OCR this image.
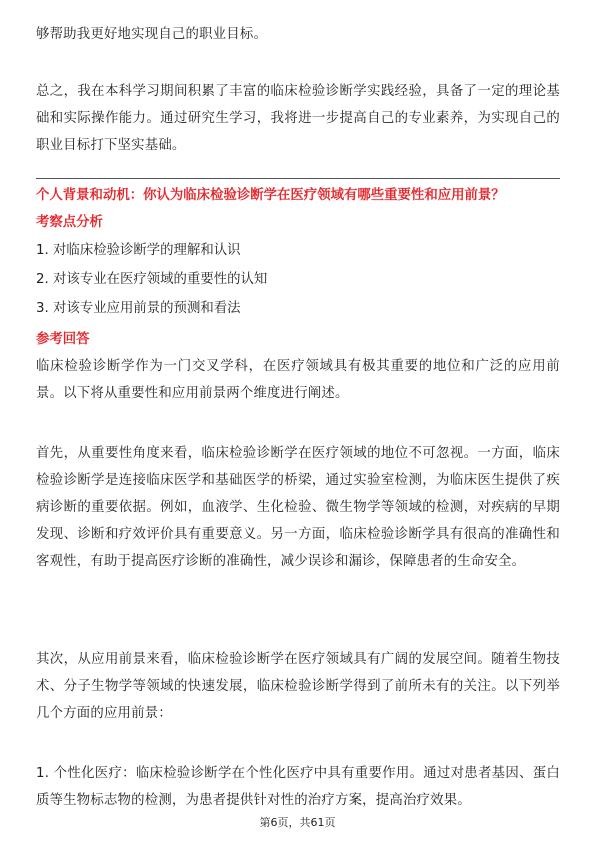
够帮助我更好地实现自己的职业目标。

总之，我在本科学习期间积累了丰富的临床检验诊断学实践经验，具备了一定的理论基础和实际操作能力。通过研究生学习，我将进一步提高自己的专业素养，为实现自己的职业目标打下坚实基础。

个人背景和动机：你认为临床检验诊断学在医疗领域有哪些重要性和应用前景？

考察点分析

1. 对临床检验诊断学的理解和认识

2. 对该专业在医疗领域的重要性的认知

3. 对该专业应用前景的预测和看法

参考回答

临床检验诊断学作为一门交叉学科，在医疗领域具有极其重要的地位和广泛的应用前景。以下将从重要性和应用前景两个维度进行阐述。

首先，从重要性角度来看，临床检验诊断学在医疗领域的地位不可忽视。一方面，临床检验诊断学是连接临床医学和基础医学的桥梁，通过实验室检测，为临床医生提供了疾病诊断的重要依据。例如，血液学、生化检验、微生物学等领域的检测，对疾病的早期发现、诊断和疗效评价具有重要意义。另一方面，临床检验诊断学具有很高的准确性和客观性，有助于提高医疗诊断的准确性，减少误诊和漏诊，保障患者的生命安全。

其次，从应用前景来看，临床检验诊断学在医疗领域具有广阔的发展空间。随着生物技术、分子生物学等领域的快速发展，临床检验诊断学得到了前所未有的关注。以下列举几个方面的应用前景：

1. 个性化医疗：临床检验诊断学在个性化医疗中具有重要作用。通过对患者基因、蛋白质等生物标志物的检测，为患者提供针对性的治疗方案，提高治疗效果。

第6页，共61页
